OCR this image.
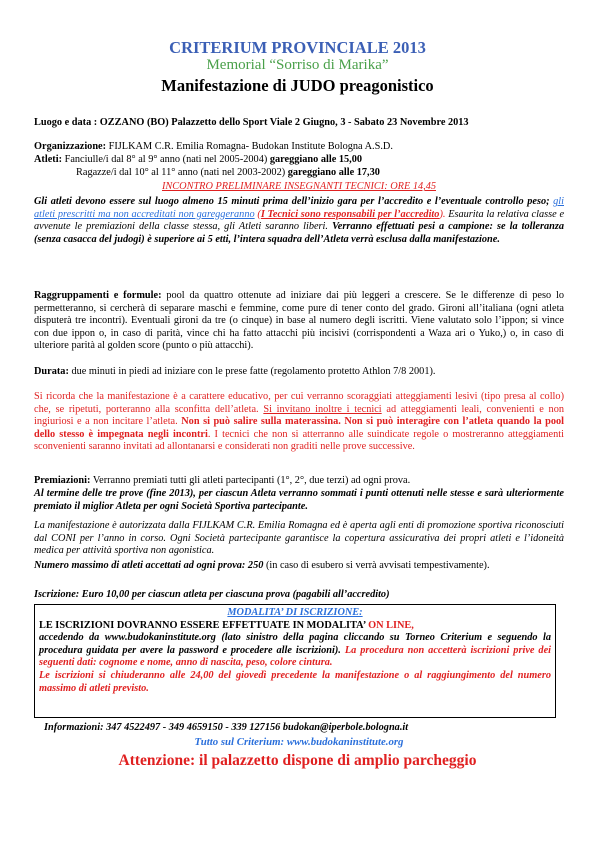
CRITERIUM PROVINCIALE 2013
Memorial “Sorriso di Marika”
Manifestazione di JUDO preagonistico
Luogo e data : OZZANO (BO) Palazzetto dello Sport Viale 2 Giugno, 3 - Sabato 23 Novembre 2013
Organizzazione: FIJLKAM C.R. Emilia Romagna- Budokan Institute Bologna A.S.D.
Atleti: Fanciulle/i dal 8° al 9° anno (nati nel 2005-2004) gareggiano alle 15,00
Ragazze/i dal 10° al 11° anno (nati nel 2003-2002) gareggiano alle 17,30
INCONTRO PRELIMINARE INSEGNANTI TECNICI: ORE 14,45
Gli atleti devono essere sul luogo almeno 15 minuti prima dell’inizio gara per l’accredito e l’eventuale controllo peso; gli atleti prescritti ma non accreditati non gareggeranno (I Tecnici sono responsabili per l’accredito). Esaurita la relativa classe e avvenute le premiazioni della classe stessa, gli Atleti saranno liberi. Verranno effettuati pesi a campione: se la tolleranza (senza casacca del judogi) è superiore ai 5 etti, l’intera squadra dell’Atleta verrà esclusa dalla manifestazione.
Raggruppamenti e formule: pool da quattro ottenute ad iniziare dai più leggeri a crescere. Se le differenze di peso lo permetteranno, si cercherà di separare maschi e femmine, come pure di tener conto del grado. Gironi all’italiana (ogni atleta disputerà tre incontri). Eventuali gironi da tre (o cinque) in base al numero degli iscritti. Viene valutato solo l’ippon; si vince con due ippon o, in caso di parità, vince chi ha fatto attacchi più incisivi (corrispondenti a Waza ari o Yuko,) o, in caso di ulteriore parità al golden score (punto o più attacchi).
Durata: due minuti in piedi ad iniziare con le prese fatte (regolamento protetto Athlon 7/8 2001).
Si ricorda che la manifestazione è a carattere educativo, per cui verranno scoraggiati atteggiamenti lesivi (tipo presa al collo) che, se ripetuti, porteranno alla sconfitta dell’atleta. Si invitano inoltre i tecnici ad atteggiamenti leali, convenienti e non ingiuriosi e a non incitare l’atleta. Non si può salire sulla materassina. Non si può interagire con l’atleta quando la pool dello stesso è impegnata negli incontri. I tecnici che non si atterranno alle suindicate regole o mostreranno atteggiamenti sconvenienti saranno invitati ad allontanarsi e considerati non graditi nelle prove successive.
Premiazioni: Verranno premiati tutti gli atleti partecipanti (1°, 2°, due terzi) ad ogni prova.
Al termine delle tre prove (fine 2013), per ciascun Atleta verranno sommati i punti ottenuti nelle stesse e sarà ulteriormente premiato il miglior Atleta per ogni Società Sportiva partecipante.
La manifestazione è autorizzata dalla FIJLKAM C.R. Emilia Romagna ed è aperta agli enti di promozione sportiva riconosciuti dal CONI per l’anno in corso. Ogni Società partecipante garantisce la copertura assicurativa dei propri atleti e l’idoneità medica per attività sportiva non agonistica.
Numero massimo di atleti accettati ad ogni prova: 250 (in caso di esubero si verrà avvisati tempestivamente).
Iscrizione: Euro 10,00 per ciascun atleta per ciascuna prova (pagabili all’accredito)
MODALITA’ DI ISCRIZIONE:
LE ISCRIZIONI DOVRANNO ESSERE EFFETTUATE IN MODALITA’ ON LINE,
accedendo da www.budokaninstitute.org (lato sinistro della pagina cliccando su Torneo Criterium e seguendo la procedura guidata per avere la password e procedere alle iscrizioni). La procedura non accetterà iscrizioni prive dei seguenti dati: cognome e nome, anno di nascita, peso, colore cintura.
Le iscrizioni si chiuderanno alle 24,00 del giovedì precedente la manifestazione o al raggiungimento del numero massimo di atleti previsto.
Informazioni: 347 4522497 - 349 4659150 - 339 127156 budokan@iperbole.bologna.it
Tutto sul Criterium: www.budokaninstitute.org
Attenzione: il palazzetto dispone di amplio parcheggio
